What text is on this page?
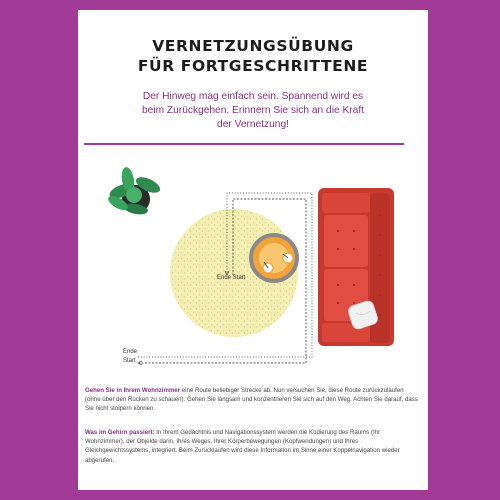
VERNETZUNGSÜBUNG
FÜR FORTGESCHRITTENE

Der Hinweg mag einfach sein. Spannend wird es beim Zurückgehen. Erinnern Sie sich an die Kraft der Vernetzung!

Ende Start
Ende
Start

Gehen Sie in Ihrem Wohnzimmer eine Route beliebiger Strecke ab. Nun versuchen Sie, diese Route zurückzulaufen (ohne über den Rücken zu schauen). Gehen Sie langsam und konzentrieren Sie sich auf den Weg. Achten Sie darauf, dass Sie nicht stolpern können.

Was im Gehirn passiert: In Ihrem Gedächtnis und Navigationssystem werden die Kodierung des Raums (Ihr Wohnzimmer), der Objekte darin, Ihres Weges, Ihrer Körperbewegungen (Kopfwendungen) und Ihres Gleichgewichtssystems, integriert. Beim Zurücklaufen wird diese Information im Sinne einer Koppelnavigation wieder abgerufen.
